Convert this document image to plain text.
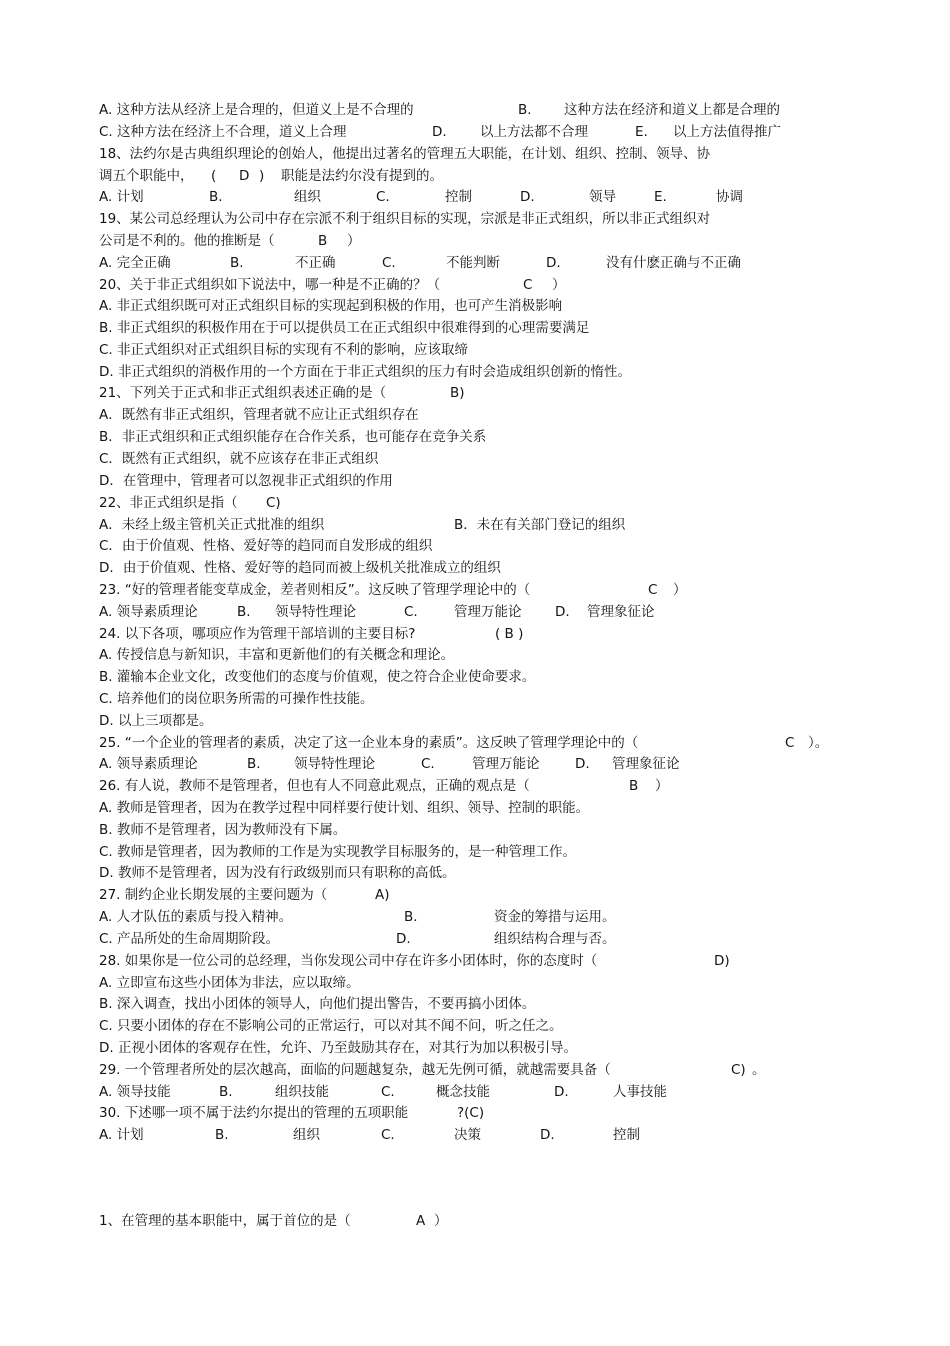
A. 这种方法从经济上是合理的，但道义上是不合理的	B. 这种方法在经济和道义上都是合理的
C. 这种方法在经济上不合理，道义上合理	D. 以上方法都不合理	E. 以上方法值得推广
18、法约尔是古典组织理论的创始人，他提出过著名的管理五大职能，在计划、组织、控制、领导、协
调五个职能中， ( D ) 职能是法约尔没有提到的。
A. 计划	B.	组织	C.	控制	D.	领导	E.	协调
19、某公司总经理认为公司中存在宗派不利于组织目标的实现，宗派是非正式组织，所以非正式组织对
公司是不利的。他的推断是（	B ）
A. 完全正确	B.	不正确	C.	不能判断	D.	没有什麽正确与不正确
20、关于非正式组织如下说法中，哪一种是不正确的？（	C ）
A. 非正式组织既可对正式组织目标的实现起到积极的作用，也可产生消极影响
B. 非正式组织的积极作用在于可以提供员工在正式组织中很难得到的心理需要满足
C. 非正式组织对正式组织目标的实现有不利的影响，应该取缔
D. 非正式组织的消极作用的一个方面在于非正式组织的压力有时会造成组织创新的惰性。
21、下列关于正式和非正式组织表述正确的是（	B)
A．既然有非正式组织，管理者就不应让正式组织存在
B．非正式组织和正式组织能存在合作关系，也可能存在竞争关系
C．既然有正式组织，就不应该存在非正式组织
D．在管理中，管理者可以忽视非正式组织的作用
22、非正式组织是指（ C)
A．未经上级主管机关正式批准的组织	B．未在有关部门登记的组织
C．由于价值观、性格、爱好等的趋同而自发形成的组织
D．由于价值观、性格、爱好等的趋同而被上级机关批准成立的组织
23. “好的管理者能变草成金，差者则相反”。这反映了管理学理论中的（	C ）
A. 领导素质理论	B. 领导特性理论	C.	管理万能论 D. 管理象征论
24. 以下各项，哪项应作为管理干部培训的主要目标?	( B )
A. 传授信息与新知识，丰富和更新他们的有关概念和理论。
B. 灌输本企业文化，改变他们的态度与价值观，使之符合企业使命要求。
C. 培养他们的岗位职务所需的可操作性技能。
D. 以上三项都是。
25. “一个企业的管理者的素质，决定了这一企业本身的素质”。这反映了管理学理论中的（	C ）。
A. 领导素质理论	B. 领导特性理论	C.	管理万能论	D. 管理象征论
26. 有人说，教师不是管理者，但也有人不同意此观点，正确的观点是（	B ）
A. 教师是管理者，因为在教学过程中同样要行使计划、组织、领导、控制的职能。
B. 教师不是管理者，因为教师没有下属。
C. 教师是管理者，因为教师的工作是为实现教学目标服务的，是一种管理工作。
D. 教师不是管理者，因为没有行政级别而只有职称的高低。
27. 制约企业长期发展的主要问题为（	A)
A. 人才队伍的素质与投入精神。	B.	资金的筹措与运用。
C. 产品所处的生命周期阶段。	D.	组织结构合理与否。
28. 如果你是一位公司的总经理，当你发现公司中存在许多小团体时，你的态度时（	D)
A. 立即宣布这些小团体为非法，应以取缔。
B. 深入调查，找出小团体的领导人，向他们提出警告，不要再搞小团体。
C. 只要小团体的存在不影响公司的正常运行，可以对其不闻不问，听之任之。
D. 正视小团体的客观存在性，允许、乃至鼓励其存在，对其行为加以积极引导。
29. 一个管理者所处的层次越高，面临的问题越复杂，越无先例可循，就越需要具备（	C) 。
A. 领导技能	B.	组织技能	C.	概念技能	D.	人事技能
30. 下述哪一项不属于法约尔提出的管理的五项职能	?(C)
A. 计划	B.	组织	C.	决策	D.	控制
1、在管理的基本职能中，属于首位的是（	A ）
